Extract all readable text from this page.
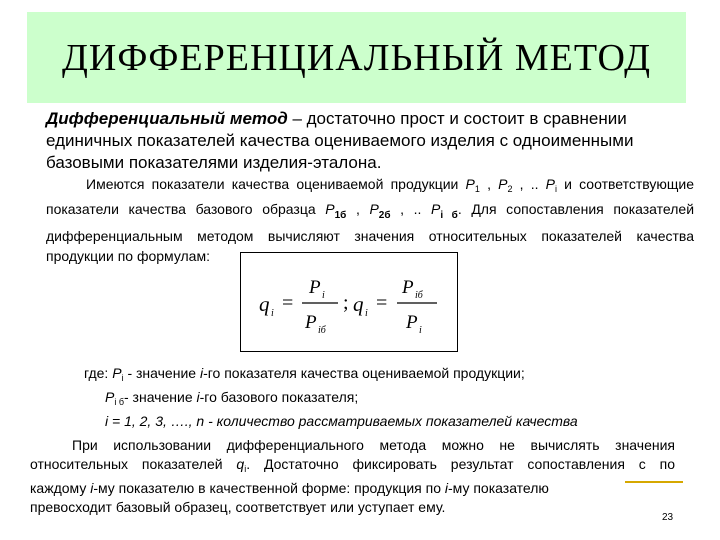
ДИФФЕРЕНЦИАЛЬНЫЙ МЕТОД
Дифференциальный метод – достаточно прост и состоит в сравнении
единичных показателей качества оцениваемого изделия с одноименными
базовыми показателями изделия-эталона.
Имеются показатели качества оцениваемой продукции $P_1$ , $P_2$ , .. $P_i$ и соответствующие показатели качества базового образца $P_{1б}$ , $P_{2б}$ , .. $P_{i б}$. Для сопоставления показателей дифференциальным методом вычисляют значения относительных показателей качества продукции по формулам:
q i =
P i
P iб
; q i =
P iб
P i
где: $P_i$ - значение i-го показателя качества оцениваемой продукции;
$P_{i б}-$ значение i-го базового показателя;
i = 1, 2, 3, …., n - количество рассматриваемых показателей качества
При использовании дифференциального метода можно не вычислять значения
относительных показателей $q_i$. Достаточно фиксировать результат сопоставления с по
каждому i-му показателю в качественной форме: продукция по i-му показателю
превосходит базовый образец, соответствует или уступает ему.
23
